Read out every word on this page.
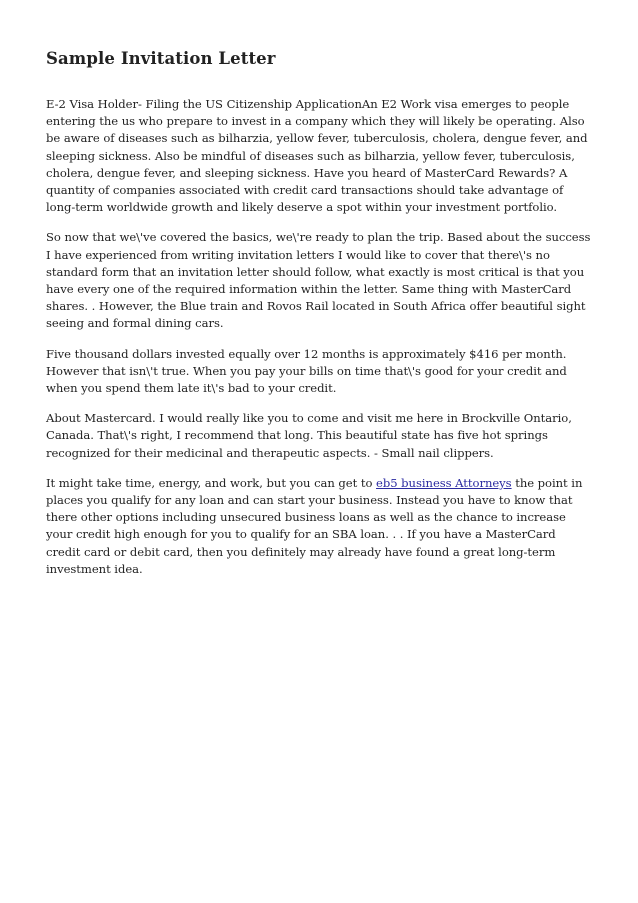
Sample Invitation Letter

E-2 Visa Holder- Filing the US Citizenship ApplicationAn E2 Work visa emerges to people entering the us who prepare to invest in a company which they will likely be operating. Also be aware of diseases such as bilharzia, yellow fever, tuberculosis, cholera, dengue fever, and sleeping sickness. Also be mindful of diseases such as bilharzia, yellow fever, tuberculosis, cholera, dengue fever, and sleeping sickness. Have you heard of MasterCard Rewards? A quantity of companies associated with credit card transactions should take advantage of long-term worldwide growth and likely deserve a spot within your investment portfolio.

So now that we\'ve covered the basics, we\'re ready to plan the trip. Based about the success I have experienced from writing invitation letters I would like to cover that there\'s no standard form that an invitation letter should follow, what exactly is most critical is that you have every one of the required information within the letter. Same thing with MasterCard shares. . However, the Blue train and Rovos Rail located in South Africa offer beautiful sight seeing and formal dining cars.

Five thousand dollars invested equally over 12 months is approximately $416 per month. However that isn\'t true. When you pay your bills on time that\'s good for your credit and when you spend them late it\'s bad to your credit.

About Mastercard. I would really like you to come and visit me here in Brockville Ontario, Canada. That\'s right, I recommend that long. This beautiful state has five hot springs recognized for their medicinal and therapeutic aspects. - Small nail clippers.

It might take time, energy, and work, but you can get to eb5 business Attorneys the point in places you qualify for any loan and can start your business. Instead you have to know that there other options including unsecured business loans as well as the chance to increase your credit high enough for you to qualify for an SBA loan. . . If you have a MasterCard credit card or debit card, then you definitely may already have found a great long-term investment idea.
